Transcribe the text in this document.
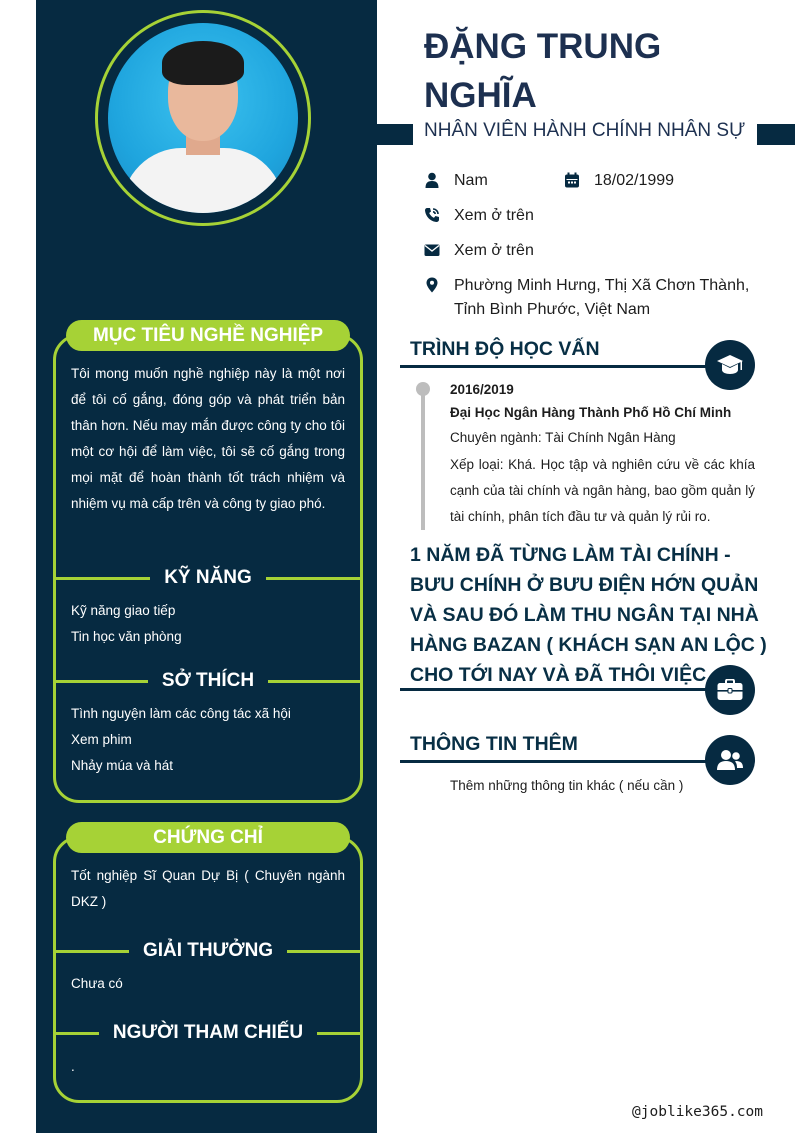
MỤC TIÊU NGHỀ NGHIỆP
Tôi mong muốn nghề nghiệp này là một nơi để tôi cố gắng, đóng góp và phát triển bản thân hơn. Nếu may mắn được công ty cho tôi một cơ hội để làm việc, tôi sẽ cố gắng trong mọi mặt để hoàn thành tốt trách nhiệm và nhiệm vụ mà cấp trên và công ty giao phó.
KỸ NĂNG
Kỹ năng giao tiếp
Tin học văn phòng
SỞ THÍCH
Tình nguyện làm các công tác xã hội
Xem phim
Nhảy múa và hát
CHỨNG CHỈ
Tốt nghiệp Sĩ Quan Dự Bị ( Chuyên ngành DKZ )
GIẢI THƯỞNG
Chưa có
NGƯỜI THAM CHIẾU
.
ĐẶNG TRUNG NGHĨA
NHÂN VIÊN HÀNH CHÍNH NHÂN SỰ
Nam	18/02/1999
Xem ở trên
Xem ở trên
Phường Minh Hưng, Thị Xã Chơn Thành, Tỉnh Bình Phước, Việt Nam
TRÌNH ĐỘ HỌC VẤN
2016/2019
Đại Học Ngân Hàng Thành Phố Hồ Chí Minh
Chuyên ngành: Tài Chính Ngân Hàng
Xếp loại: Khá. Học tập và nghiên cứu về các khía cạnh của tài chính và ngân hàng, bao gồm quản lý tài chính, phân tích đầu tư và quản lý rủi ro.
1 NĂM ĐÃ TỪNG LÀM TÀI CHÍNH - BƯU CHÍNH Ở BƯU ĐIỆN HỚN QUẢN VÀ SAU ĐÓ LÀM THU NGÂN TẠI NHÀ HÀNG BAZAN ( KHÁCH SẠN AN LỘC ) CHO TỚI NAY VÀ ĐÃ THÔI VIỆC
THÔNG TIN THÊM
Thêm những thông tin khác ( nếu cần )
@joblike365.com
